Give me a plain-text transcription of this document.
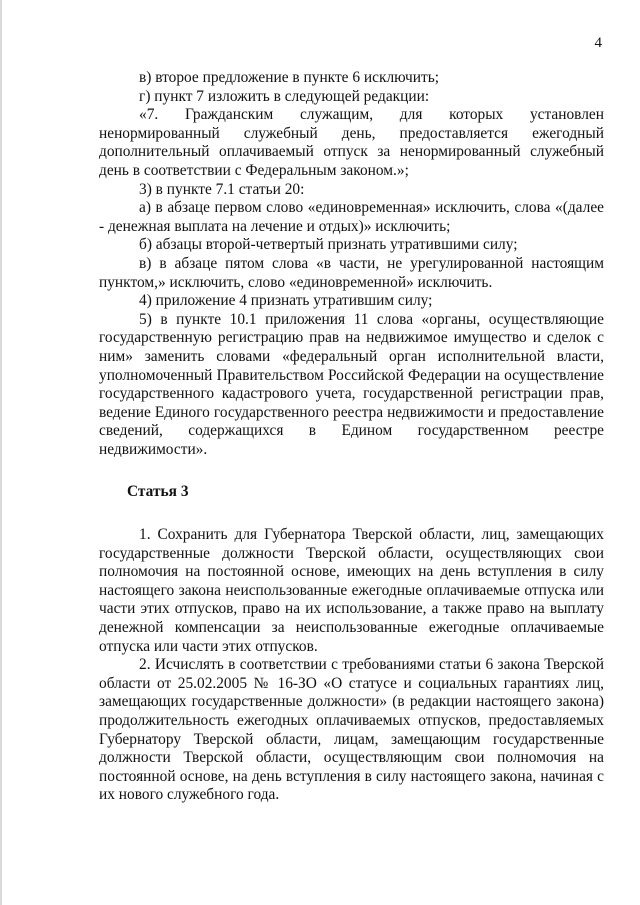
4

в) второе предложение в пункте 6 исключить;

г) пункт 7 изложить в следующей редакции:

«7. Гражданским служащим, для которых установлен ненормированный служебный день, предоставляется ежегодный дополнительный оплачиваемый отпуск за ненормированный служебный день в соответствии с Федеральным законом.»;

3) в пункте 7.1 статьи 20:

а) в абзаце первом слово «единовременная» исключить, слова «(далее - денежная выплата на лечение и отдых)» исключить;

б) абзацы второй-четвертый признать утратившими силу;

в) в абзаце пятом слова «в части, не урегулированной настоящим пунктом,» исключить, слово «единовременной» исключить.

4) приложение 4 признать утратившим силу;

5) в пункте 10.1 приложения 11 слова «органы, осуществляющие государственную регистрацию прав на недвижимое имущество и сделок с ним» заменить словами «федеральный орган исполнительной власти, уполномоченный Правительством Российской Федерации на осуществление государственного кадастрового учета, государственной регистрации прав, ведение Единого государственного реестра недвижимости и предоставление сведений, содержащихся в Едином государственном реестре недвижимости».

Статья 3

1. Сохранить для Губернатора Тверской области, лиц, замещающих государственные должности Тверской области, осуществляющих свои полномочия на постоянной основе, имеющих на день вступления в силу настоящего закона неиспользованные ежегодные оплачиваемые отпуска или части этих отпусков, право на их использование, а также право на выплату денежной компенсации за неиспользованные ежегодные оплачиваемые отпуска или части этих отпусков.

2. Исчислять в соответствии с требованиями статьи 6 закона Тверской области от 25.02.2005 № 16-ЗО «О статусе и социальных гарантиях лиц, замещающих государственные должности» (в редакции настоящего закона) продолжительность ежегодных оплачиваемых отпусков, предоставляемых Губернатору Тверской области, лицам, замещающим государственные должности Тверской области, осуществляющим свои полномочия на постоянной основе, на день вступления в силу настоящего закона, начиная с их нового служебного года.
